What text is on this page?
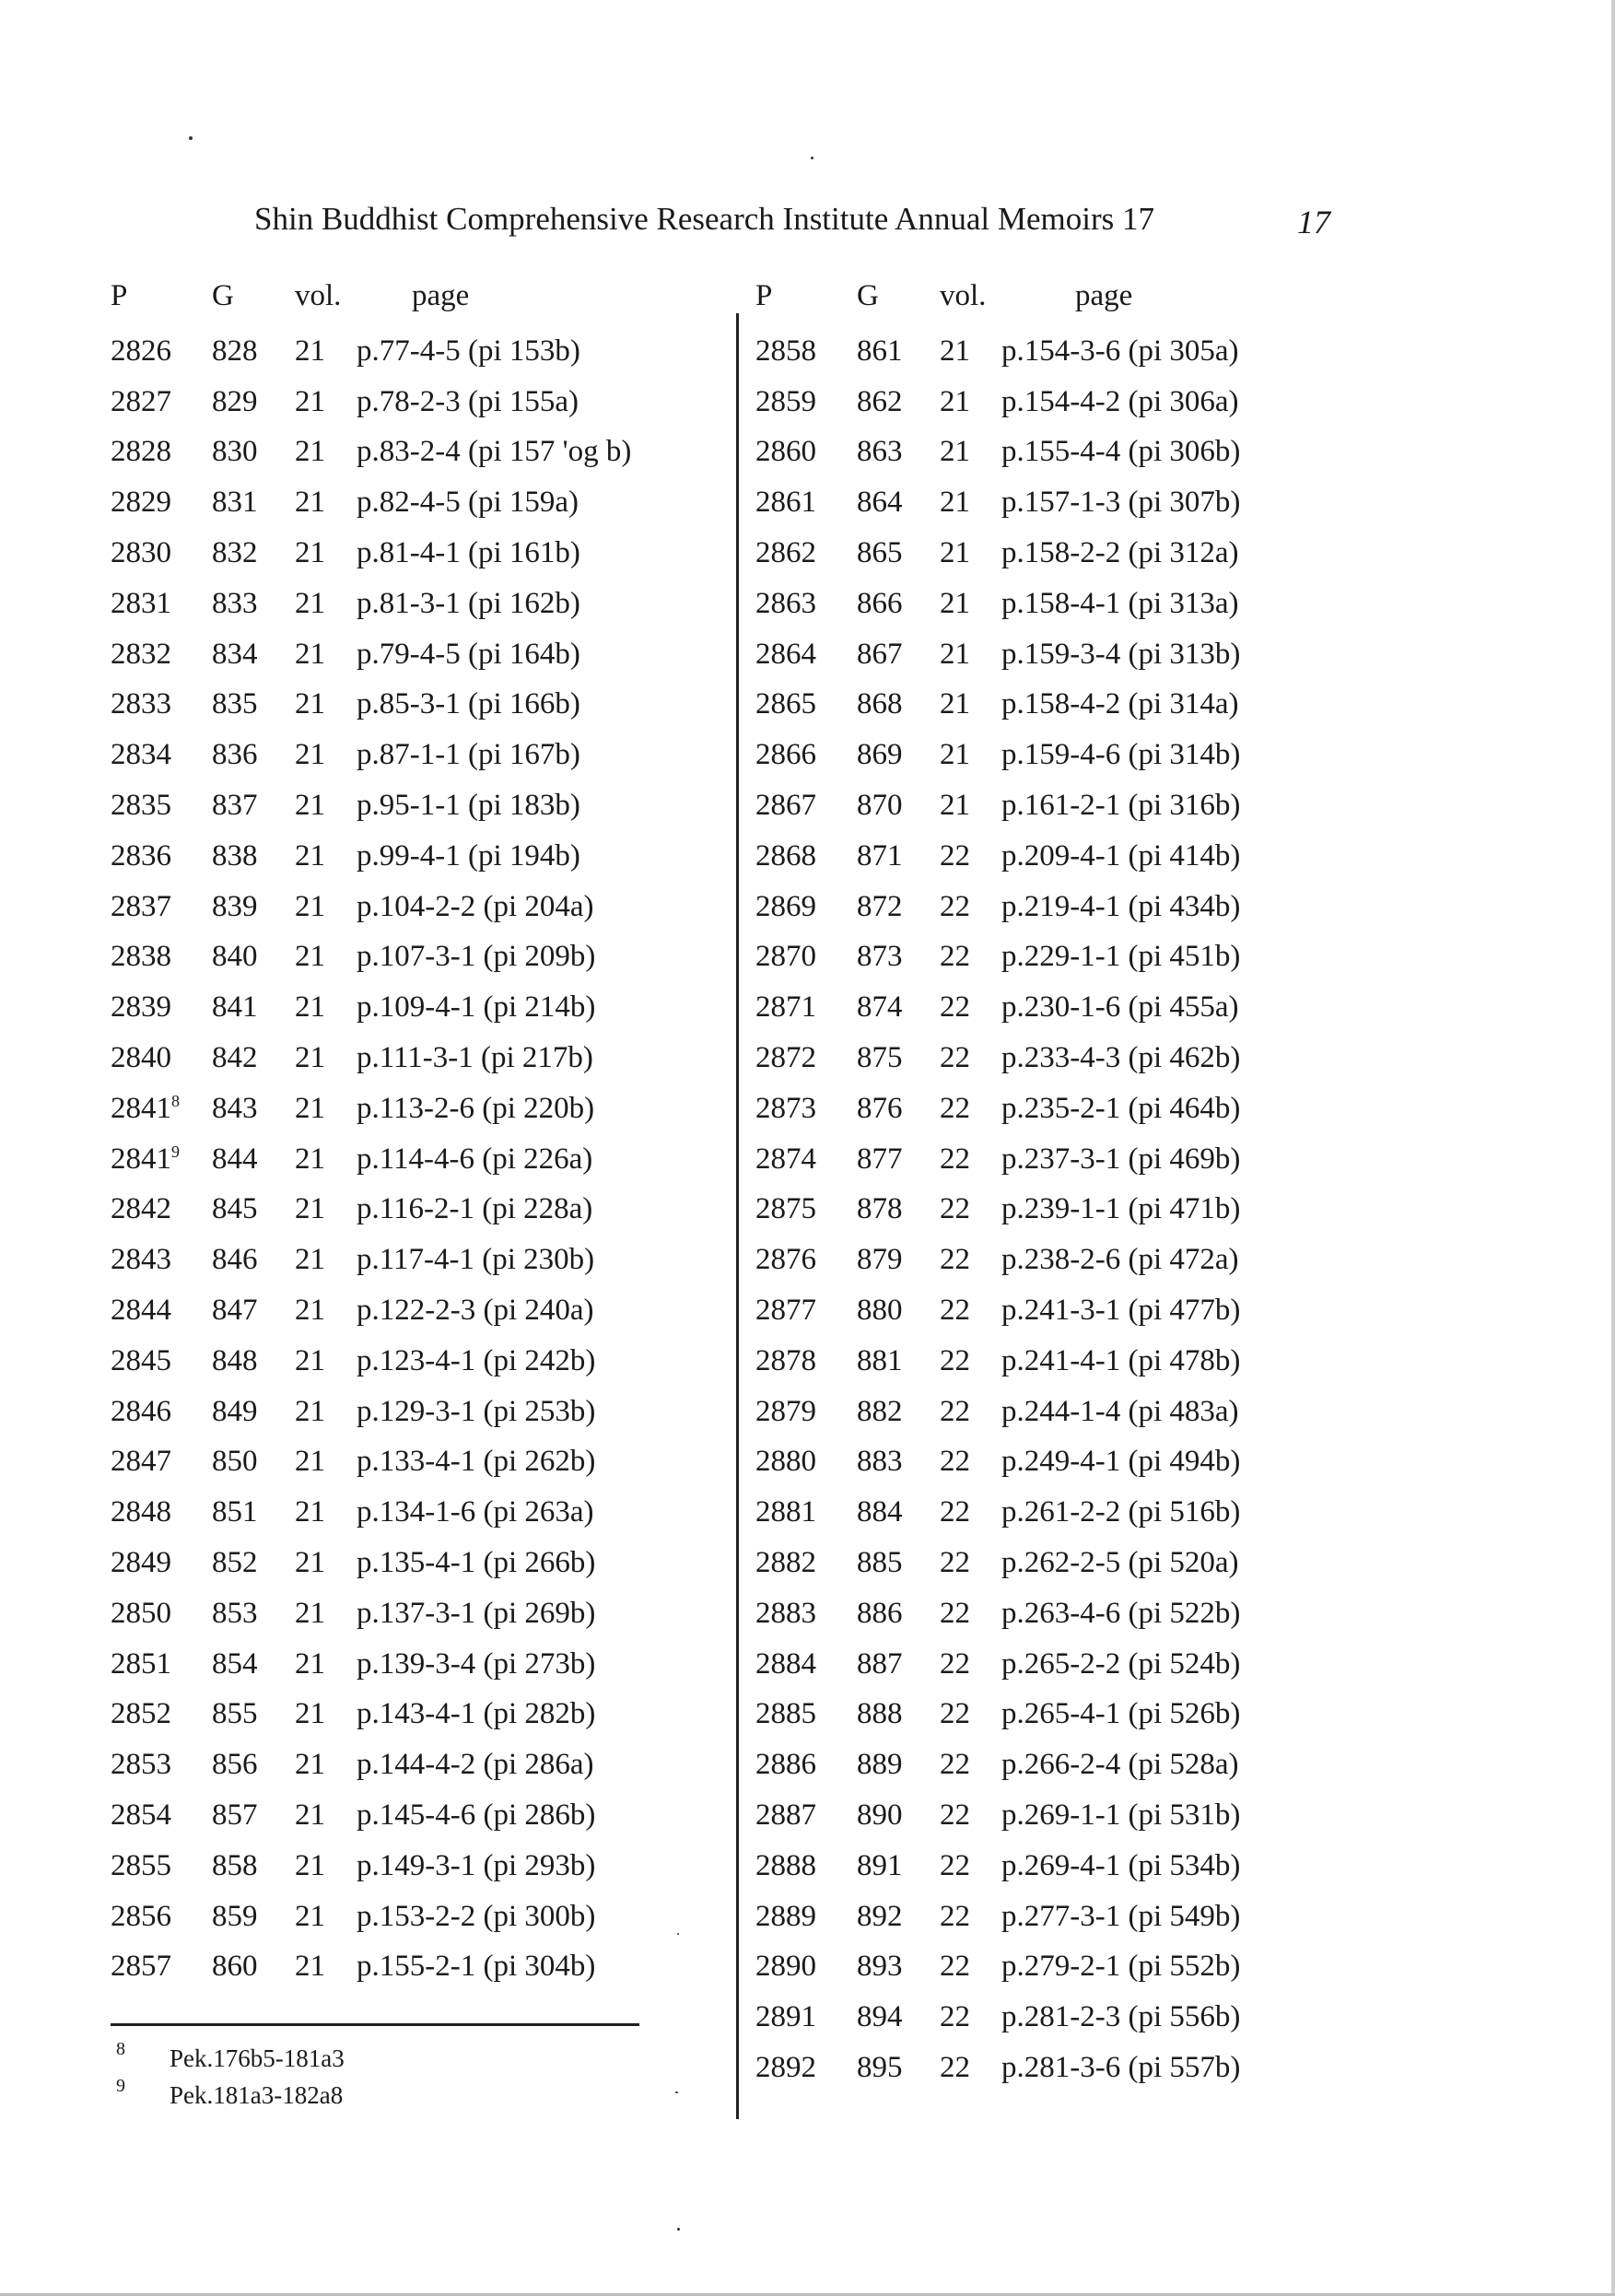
Shin Buddhist Comprehensive Research Institute Annual Memoirs 17	17
P	G	vol.	page
2826	828	21	p.77-4-5 (pi 153b)
2827	829	21	p.78-2-3 (pi 155a)
2828	830	21	p.83-2-4 (pi 157 'og b)
2829	831	21	p.82-4-5 (pi 159a)
2830	832	21	p.81-4-1 (pi 161b)
2831	833	21	p.81-3-1 (pi 162b)
2832	834	21	p.79-4-5 (pi 164b)
2833	835	21	p.85-3-1 (pi 166b)
2834	836	21	p.87-1-1 (pi 167b)
2835	837	21	p.95-1-1 (pi 183b)
2836	838	21	p.99-4-1 (pi 194b)
2837	839	21	p.104-2-2 (pi 204a)
2838	840	21	p.107-3-1 (pi 209b)
2839	841	21	p.109-4-1 (pi 214b)
2840	842	21	p.111-3-1 (pi 217b)
2841$^8$	843	21	p.113-2-6 (pi 220b)
2841$^9$	844	21	p.114-4-6 (pi 226a)
2842	845	21	p.116-2-1 (pi 228a)
2843	846	21	p.117-4-1 (pi 230b)
2844	847	21	p.122-2-3 (pi 240a)
2845	848	21	p.123-4-1 (pi 242b)
2846	849	21	p.129-3-1 (pi 253b)
2847	850	21	p.133-4-1 (pi 262b)
2848	851	21	p.134-1-6 (pi 263a)
2849	852	21	p.135-4-1 (pi 266b)
2850	853	21	p.137-3-1 (pi 269b)
2851	854	21	p.139-3-4 (pi 273b)
2852	855	21	p.143-4-1 (pi 282b)
2853	856	21	p.144-4-2 (pi 286a)
2854	857	21	p.145-4-6 (pi 286b)
2855	858	21	p.149-3-1 (pi 293b)
2856	859	21	p.153-2-2 (pi 300b)
2857	860	21	p.155-2-1 (pi 304b)
P	G	vol.	page
2858	861	21	p.154-3-6 (pi 305a)
2859	862	21	p.154-4-2 (pi 306a)
2860	863	21	p.155-4-4 (pi 306b)
2861	864	21	p.157-1-3 (pi 307b)
2862	865	21	p.158-2-2 (pi 312a)
2863	866	21	p.158-4-1 (pi 313a)
2864	867	21	p.159-3-4 (pi 313b)
2865	868	21	p.158-4-2 (pi 314a)
2866	869	21	p.159-4-6 (pi 314b)
2867	870	21	p.161-2-1 (pi 316b)
2868	871	22	p.209-4-1 (pi 414b)
2869	872	22	p.219-4-1 (pi 434b)
2870	873	22	p.229-1-1 (pi 451b)
2871	874	22	p.230-1-6 (pi 455a)
2872	875	22	p.233-4-3 (pi 462b)
2873	876	22	p.235-2-1 (pi 464b)
2874	877	22	p.237-3-1 (pi 469b)
2875	878	22	p.239-1-1 (pi 471b)
2876	879	22	p.238-2-6 (pi 472a)
2877	880	22	p.241-3-1 (pi 477b)
2878	881	22	p.241-4-1 (pi 478b)
2879	882	22	p.244-1-4 (pi 483a)
2880	883	22	p.249-4-1 (pi 494b)
2881	884	22	p.261-2-2 (pi 516b)
2882	885	22	p.262-2-5 (pi 520a)
2883	886	22	p.263-4-6 (pi 522b)
2884	887	22	p.265-2-2 (pi 524b)
2885	888	22	p.265-4-1 (pi 526b)
2886	889	22	p.266-2-4 (pi 528a)
2887	890	22	p.269-1-1 (pi 531b)
2888	891	22	p.269-4-1 (pi 534b)
2889	892	22	p.277-3-1 (pi 549b)
2890	893	22	p.279-2-1 (pi 552b)
2891	894	22	p.281-2-3 (pi 556b)
2892	895	22	p.281-3-6 (pi 557b)
8	Pek.176b5-181a3
9	Pek.181a3-182a8
